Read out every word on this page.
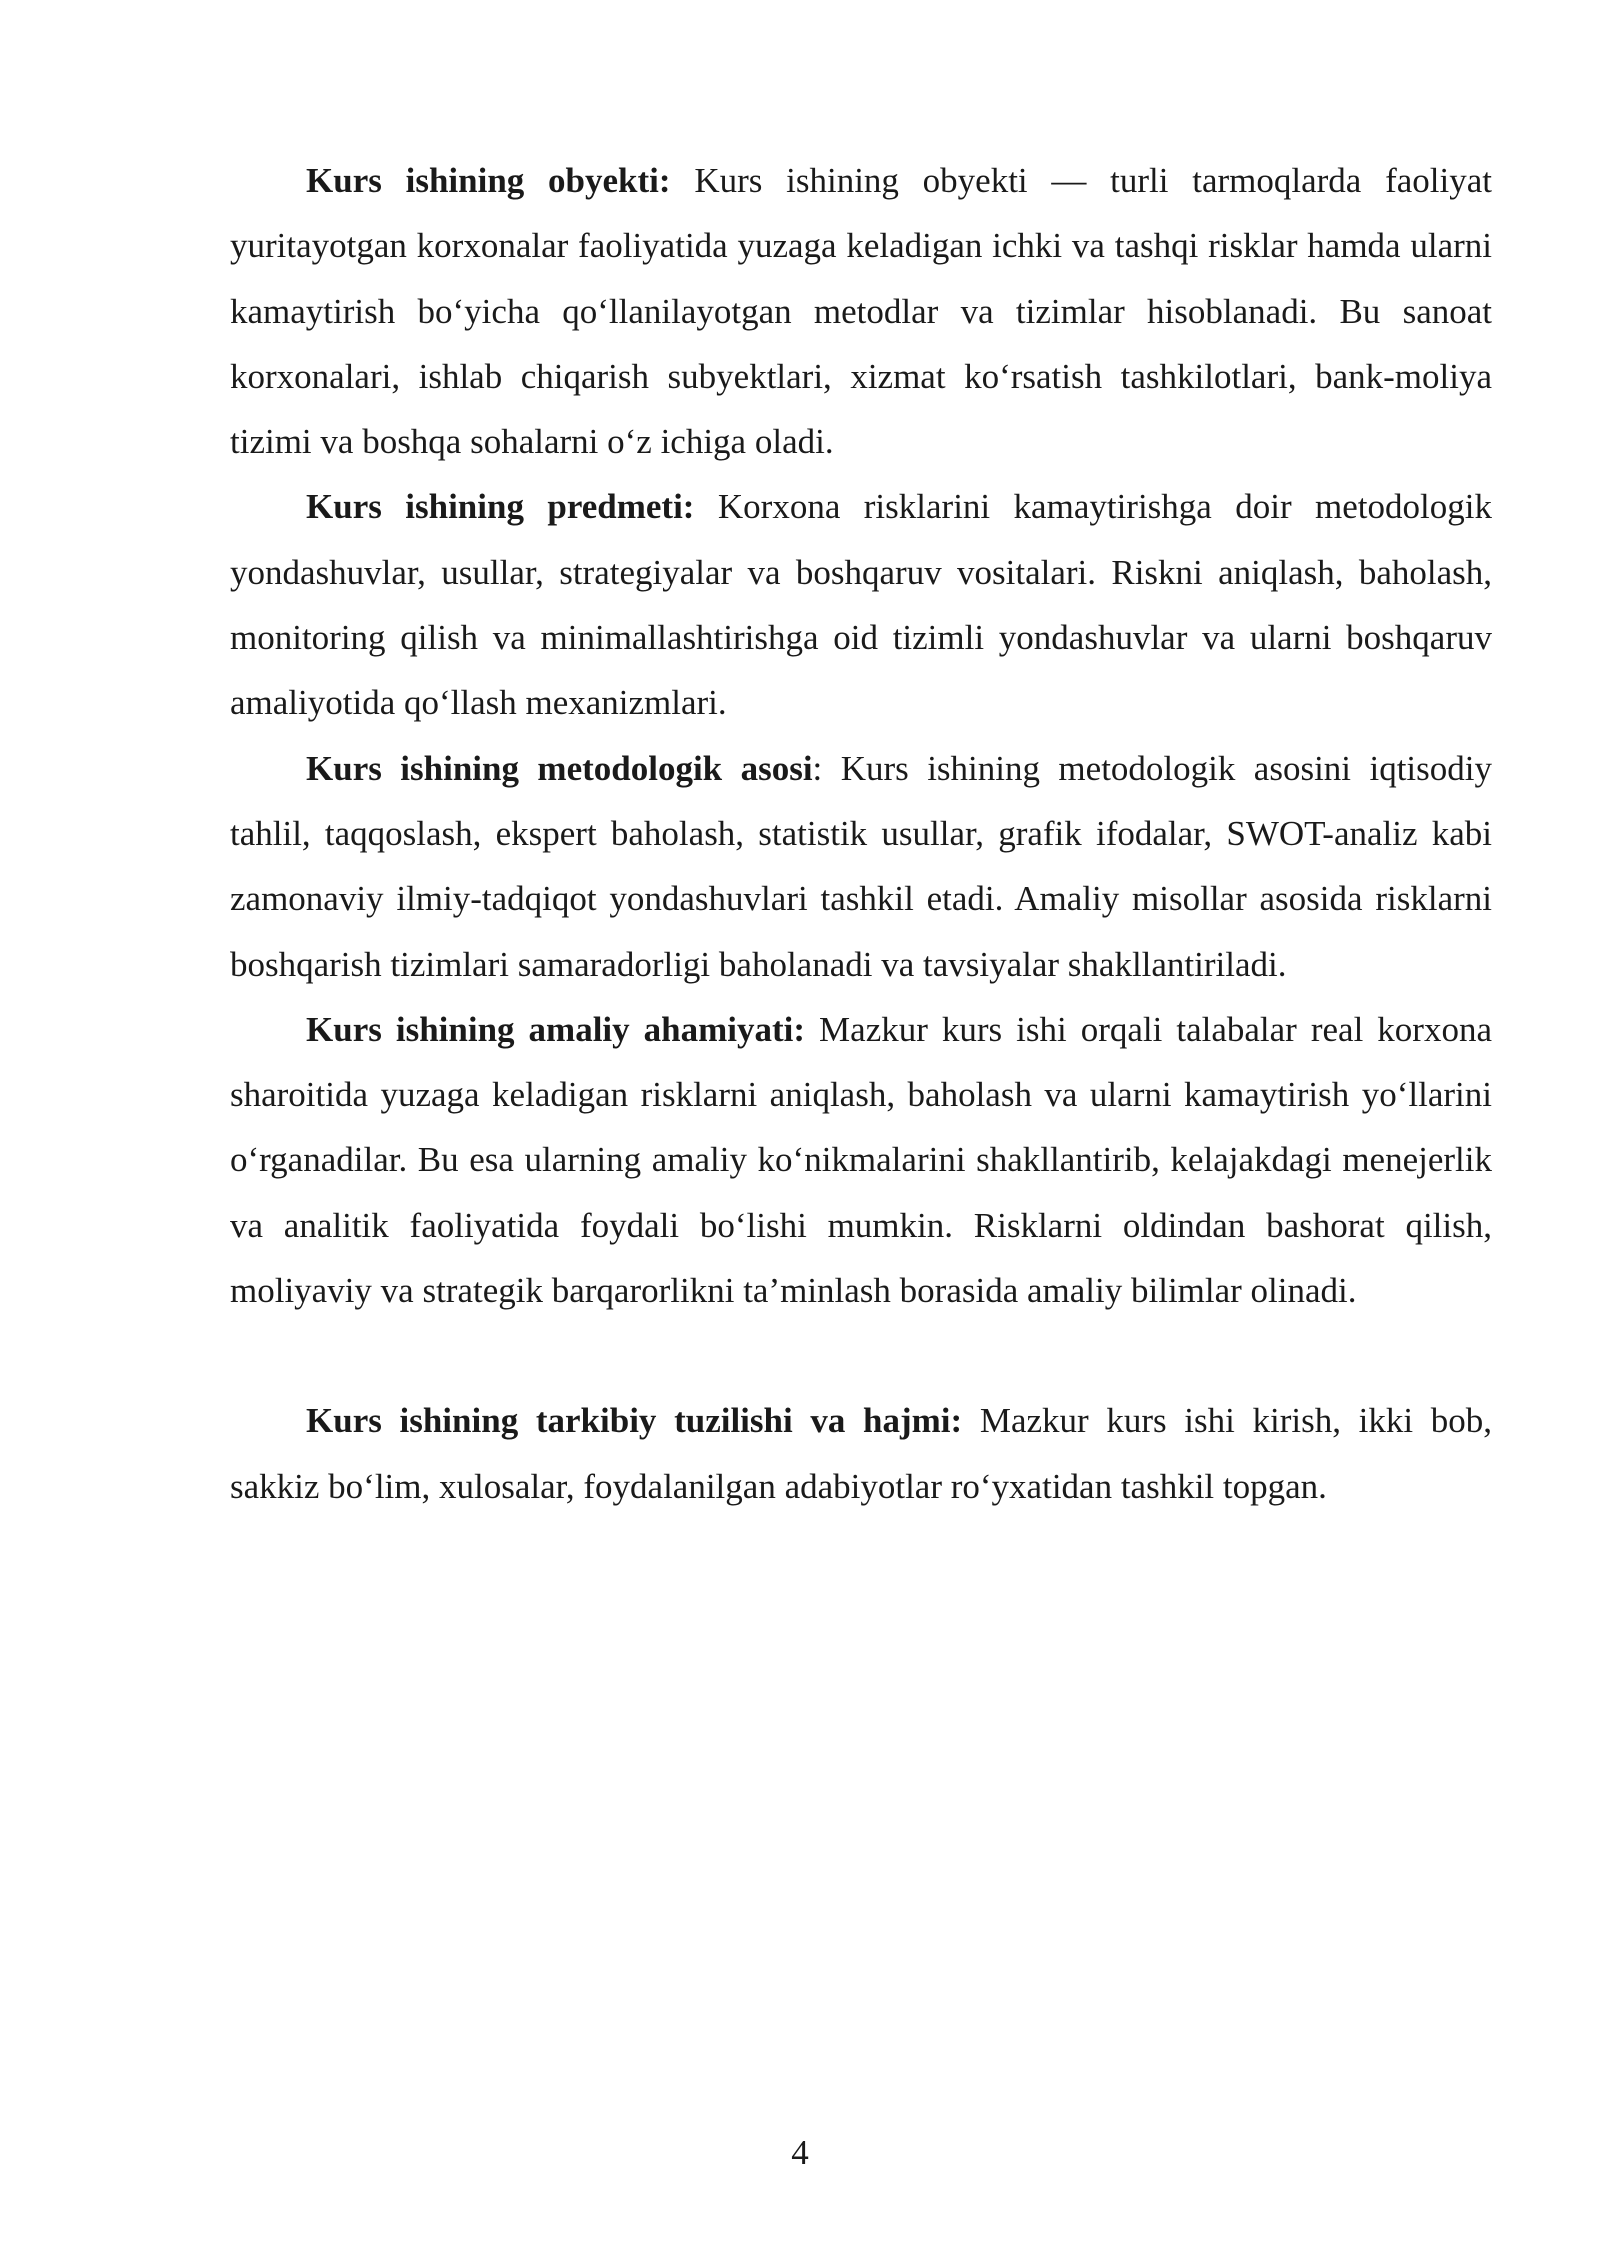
Kurs ishining obyekti: Kurs ishining obyekti — turli tarmoqlarda faoliyat yuritayotgan korxonalar faoliyatida yuzaga keladigan ichki va tashqi risklar hamda ularni kamaytirish bo‘yicha qo‘llanilayotgan metodlar va tizimlar hisoblanadi. Bu sanoat korxonalari, ishlab chiqarish subyektlari, xizmat ko‘rsatish tashkilotlari, bank-moliya tizimi va boshqa sohalarni o‘z ichiga oladi.

Kurs ishining predmeti: Korxona risklarini kamaytirishga doir metodologik yondashuvlar, usullar, strategiyalar va boshqaruv vositalari. Riskni aniqlash, baholash, monitoring qilish va minimallashtirishga oid tizimli yondashuvlar va ularni boshqaruv amaliyotida qo‘llash mexanizmlari.

Kurs ishining metodologik asosi: Kurs ishining metodologik asosini iqtisodiy tahlil, taqqoslash, ekspert baholash, statistik usullar, grafik ifodalar, SWOT-analiz kabi zamonaviy ilmiy-tadqiqot yondashuvlari tashkil etadi. Amaliy misollar asosida risklarni boshqarish tizimlari samaradorligi baholanadi va tavsiyalar shakllantiriladi.

Kurs ishining amaliy ahamiyati: Mazkur kurs ishi orqali talabalar real korxona sharoitida yuzaga keladigan risklarni aniqlash, baholash va ularni kamaytirish yo‘llarini o‘rganadilar. Bu esa ularning amaliy ko‘nikmalarini shakllantirib, kelajakdagi menejerlik va analitik faoliyatida foydali bo‘lishi mumkin. Risklarni oldindan bashorat qilish, moliyaviy va strategik barqarorlikni ta’minlash borasida amaliy bilimlar olinadi.

Kurs ishining tarkibiy tuzilishi va hajmi: Mazkur kurs ishi kirish, ikki bob, sakkiz bo‘lim, xulosalar, foydalanilgan adabiyotlar ro‘yxatidan tashkil topgan.

4
